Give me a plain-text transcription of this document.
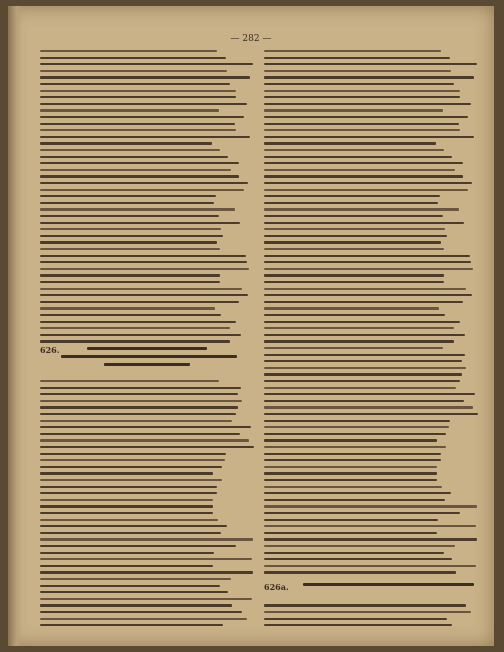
— 282 —
626.
626a.
